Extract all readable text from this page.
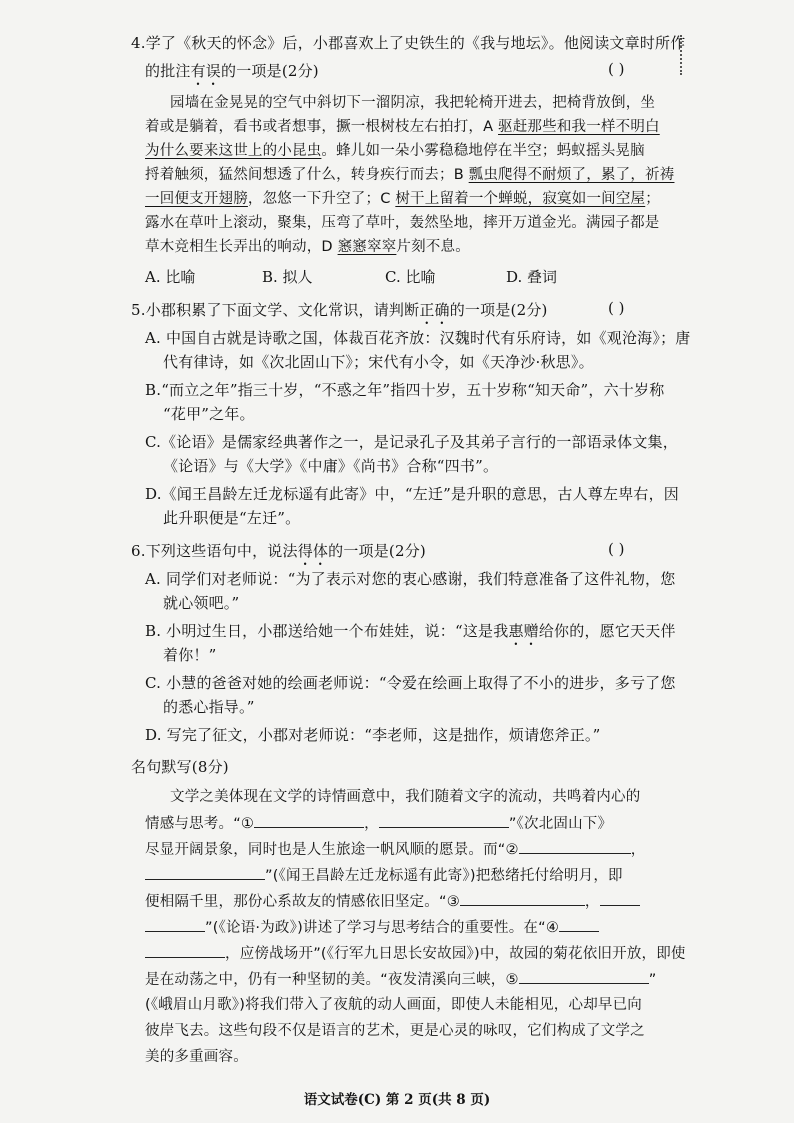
4.学了《秋天的怀念》后，小郡喜欢上了史铁生的《我与地坛》。他阅读文章时所作
的批注有误的一项是(2分)	( )
园墙在金晃晃的空气中斜切下一溜阴凉，我把轮椅开进去，把椅背放倒，坐
着或是躺着，看书或者想事，撅一根树枝左右拍打，A 驱赶那些和我一样不明白
为什么要来这世上的小昆虫。蜂儿如一朵小雾稳稳地停在半空；蚂蚁摇头晃脑
捋着触须，猛然间想透了什么，转身疾行而去；B 瓢虫爬得不耐烦了，累了，祈祷
一回便支开翅膀，忽悠一下升空了；C 树干上留着一个蝉蜕，寂寞如一间空屋；
露水在草叶上滚动，聚集，压弯了草叶，轰然坠地，摔开万道金光。满园子都是
草木竞相生长弄出的响动，D 窸窸窣窣片刻不息。
A. 比喻	B. 拟人	C. 比喻	D. 叠词
5.小郡积累了下面文学、文化常识，请判断正确的一项是(2分)	( )
A. 中国自古就是诗歌之国，体裁百花齐放：汉魏时代有乐府诗，如《观沧海》；唐
代有律诗，如《次北固山下》；宋代有小令，如《天净沙·秋思》。
B.“而立之年”指三十岁，“不惑之年”指四十岁，五十岁称“知天命”，六十岁称
“花甲”之年。
C.《论语》是儒家经典著作之一，是记录孔子及其弟子言行的一部语录体文集，
《论语》与《大学》《中庸》《尚书》合称“四书”。
D.《闻王昌龄左迁龙标遥有此寄》中，“左迁”是升职的意思，古人尊左卑右，因
此升职便是“左迁”。
6.下列这些语句中，说法得体的一项是(2分)	( )
A. 同学们对老师说：“为了表示对您的衷心感谢，我们特意准备了这件礼物，您
就心领吧。”
B. 小明过生日，小郡送给她一个布娃娃，说：“这是我惠赠给你的，愿它天天伴
着你！”
C. 小慧的爸爸对她的绘画老师说：“令爱在绘画上取得了不小的进步，多亏了您
的悉心指导。”
D. 写完了征文，小郡对老师说：“李老师，这是拙作，烦请您斧正。”
名句默写(8分)
文学之美体现在文学的诗情画意中，我们随着文字的流动，共鸣着内心的
情感与思考。“①	，	”《次北固山下》
尽显开阔景象，同时也是人生旅途一帆风顺的愿景。而“②	，
”(《闻王昌龄左迁龙标遥有此寄》)把愁绪托付给明月，即
便相隔千里，那份心系故友的情感依旧坚定。“③	，
”(《论语·为政》)讲述了学习与思考结合的重要性。在“④
，应傍战场开”(《行军九日思长安故园》)中，故园的菊花依旧开放，即使
是在动荡之中，仍有一种坚韧的美。“夜发清溪向三峡，⑤	”
(《峨眉山月歌》)将我们带入了夜航的动人画面，即使人未能相见，心却早已向
彼岸飞去。这些句段不仅是语言的艺术，更是心灵的咏叹，它们构成了文学之
美的多重画容。
语文试卷(C) 第 2 页(共 8 页)
